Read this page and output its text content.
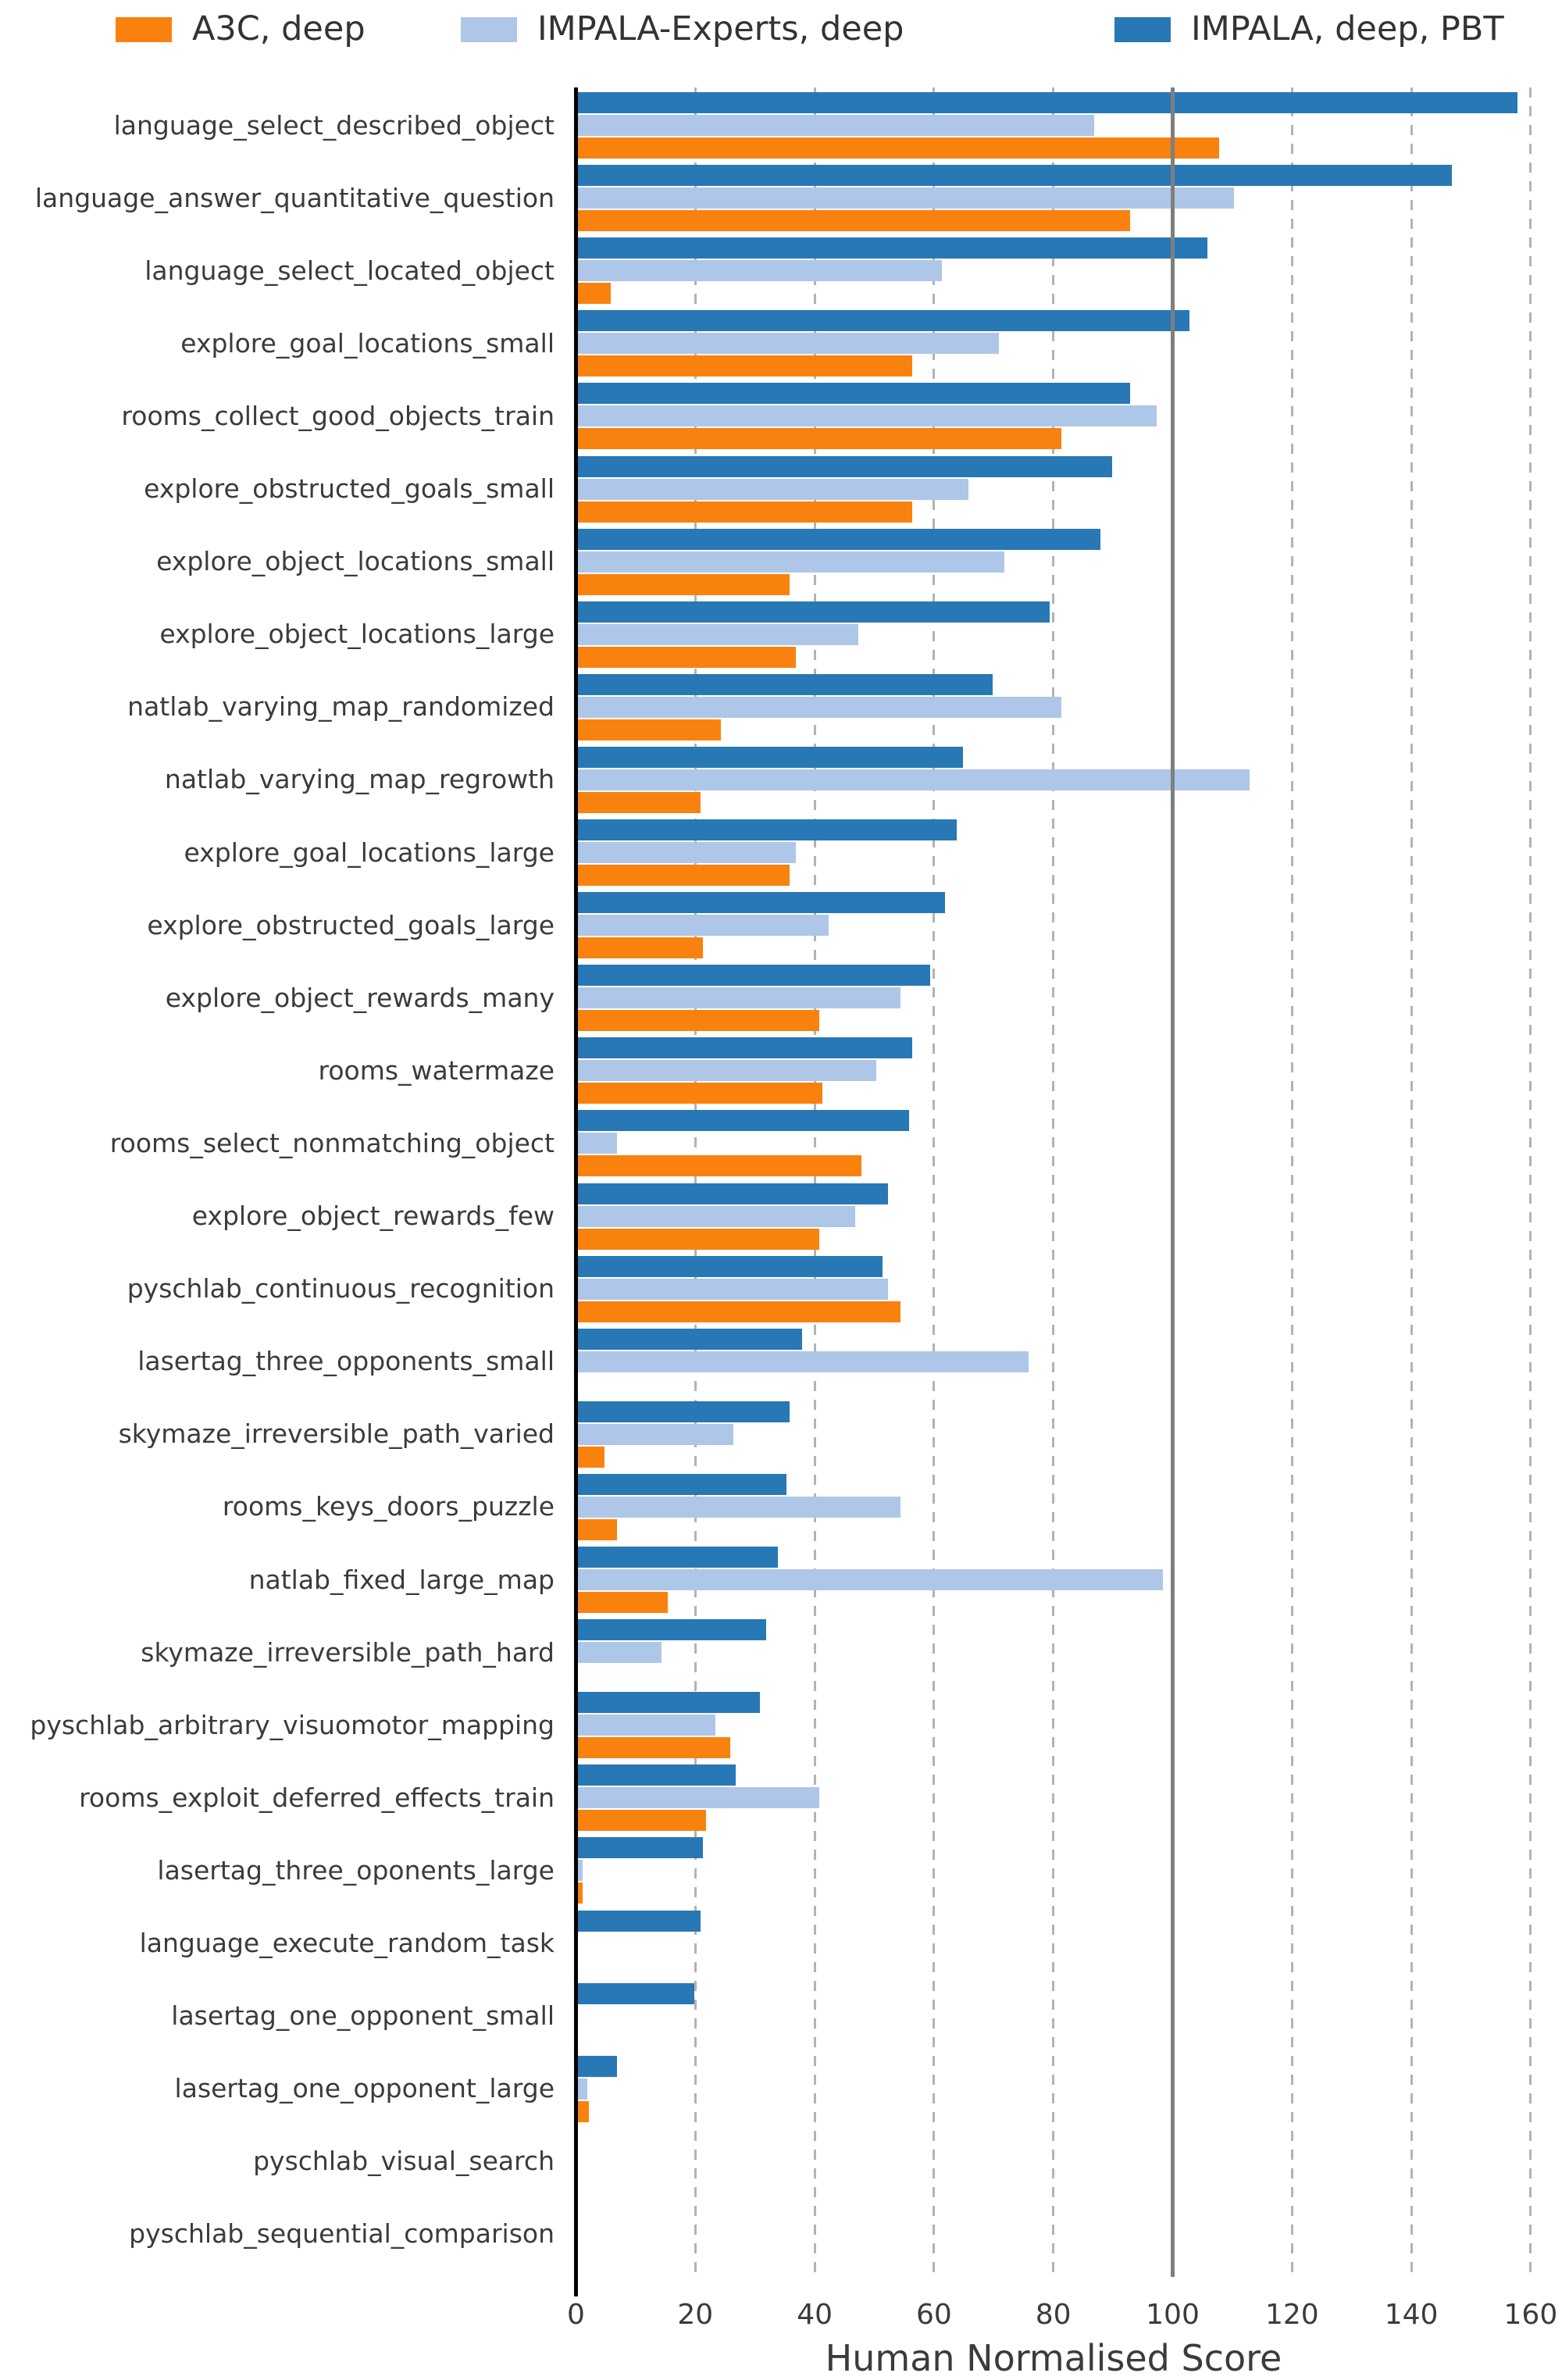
A3C, deep	IMPALA-Experts, deep	IMPALA, deep, PBT
language_select_described_object
language_answer_quantitative_question
language_select_located_object
explore_goal_locations_small
rooms_collect_good_objects_train
explore_obstructed_goals_small
explore_object_locations_small
explore_object_locations_large
natlab_varying_map_randomized
natlab_varying_map_regrowth
explore_goal_locations_large
explore_obstructed_goals_large
explore_object_rewards_many
rooms_watermaze
rooms_select_nonmatching_object
explore_object_rewards_few
pyschlab_continuous_recognition
lasertag_three_opponents_small
skymaze_irreversible_path_varied
rooms_keys_doors_puzzle
natlab_fixed_large_map
skymaze_irreversible_path_hard
pyschlab_arbitrary_visuomotor_mapping
rooms_exploit_deferred_effects_train
lasertag_three_oponents_large
language_execute_random_task
lasertag_one_opponent_small
lasertag_one_opponent_large
pyschlab_visual_search
pyschlab_sequential_comparison
0	20	40	60	80	100 120 140 160
Human Normalised Score
